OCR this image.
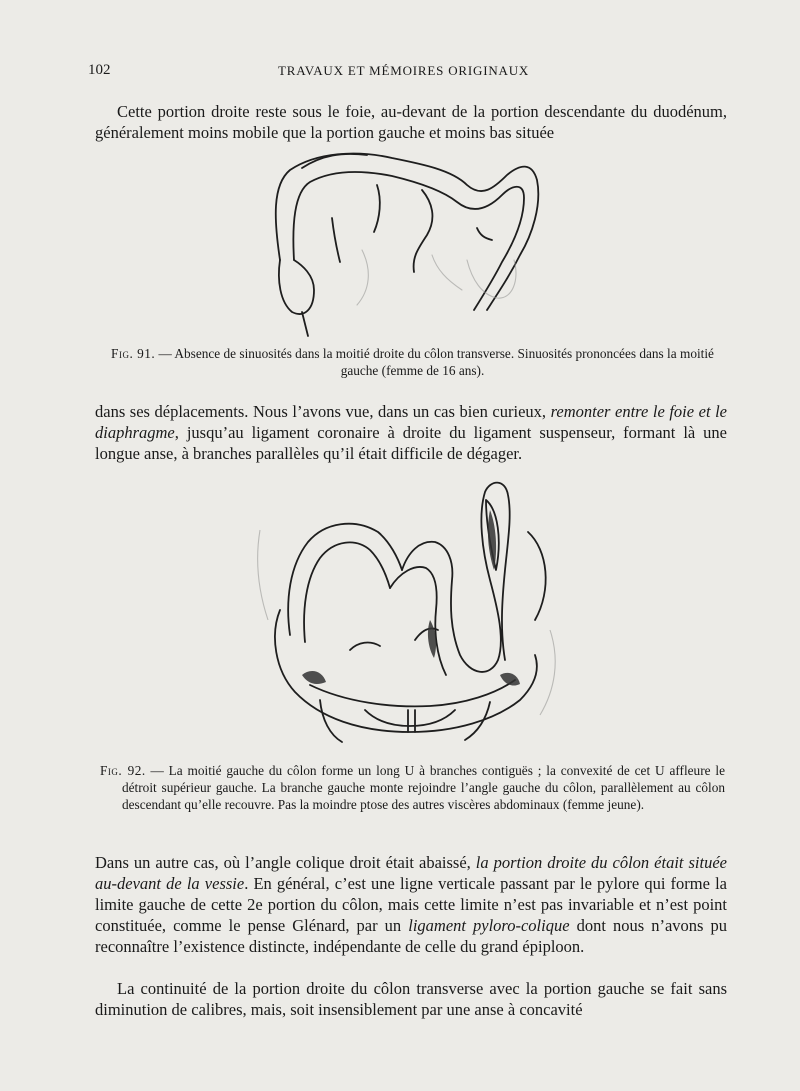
102	TRAVAUX ET MÉMOIRES ORIGINAUX

Cette portion droite reste sous le foie, au-devant de la portion descendante du duodénum, généralement moins mobile que la portion gauche et moins bas située

Fig. 91. — Absence de sinuosités dans la moitié droite du côlon transverse. Sinuosités prononcées dans la moitié gauche (femme de 16 ans).

dans ses déplacements. Nous l’avons vue, dans un cas bien curieux, remonter entre le foie et le diaphragme, jusqu’au ligament coronaire à droite du ligament suspenseur, formant là une longue anse, à branches parallèles qu’il était difficile de dégager.

Fig. 92. — La moitié gauche du côlon forme un long U à branches contiguës ; la convexité de cet U affleure le détroit supérieur gauche. La branche gauche monte rejoindre l’angle gauche du côlon, parallèlement au côlon descendant qu’elle recouvre. Pas la moindre ptose des autres viscères abdominaux (femme jeune).

Dans un autre cas, où l’angle colique droit était abaissé, la portion droite du côlon était située au-devant de la vessie. En général, c’est une ligne verticale passant par le pylore qui forme la limite gauche de cette 2e portion du côlon, mais cette limite n’est pas invariable et n’est point constituée, comme le pense Glénard, par un ligament pyloro-colique dont nous n’avons pu reconnaître l’existence distincte, indépendante de celle du grand épiploon.

La continuité de la portion droite du côlon transverse avec la portion gauche se fait sans diminution de calibres, mais, soit insensiblement par une anse à concavité
